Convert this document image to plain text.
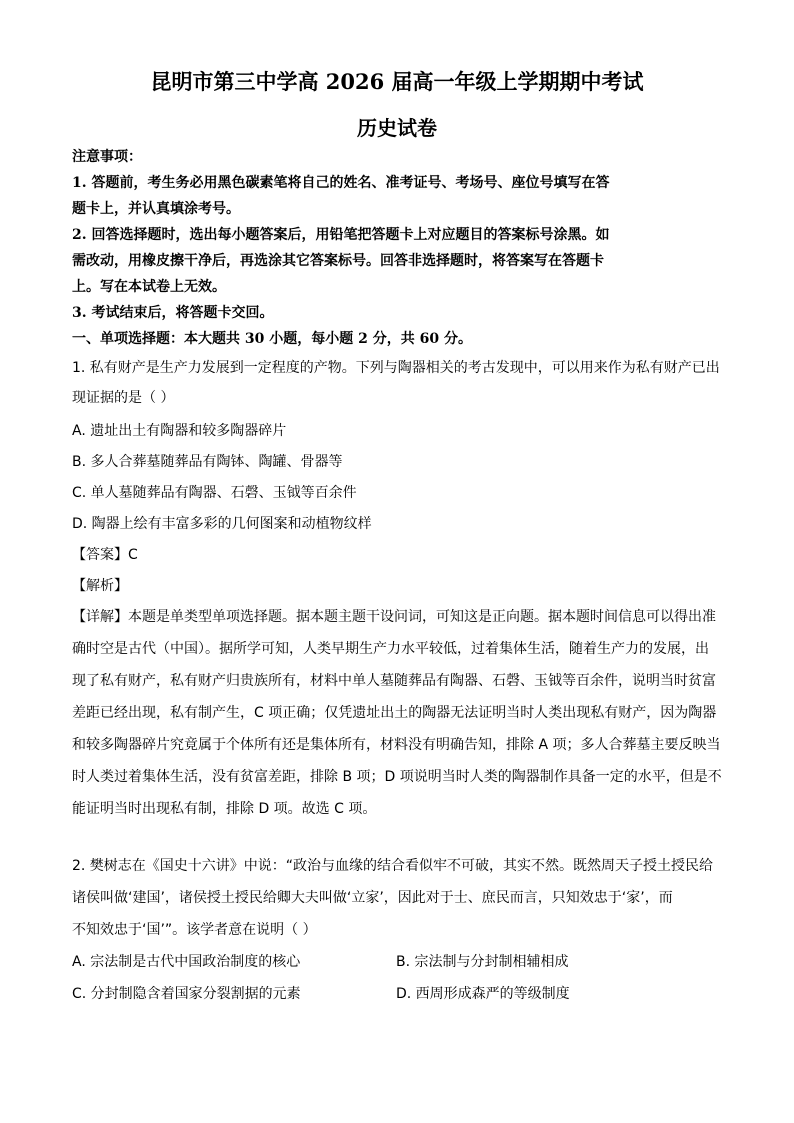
昆明市第三中学高 2026 届高一年级上学期期中考试
历史试卷
注意事项：
1. 答题前，考生务必用黑色碳素笔将自己的姓名、准考证号、考场号、座位号填写在答
题卡上，并认真填涂考号。
2. 回答选择题时，选出每小题答案后，用铅笔把答题卡上对应题目的答案标号涂黑。如
需改动，用橡皮擦干净后，再选涂其它答案标号。回答非选择题时，将答案写在答题卡
上。写在本试卷上无效。
3. 考试结束后，将答题卡交回。
一、单项选择题：本大题共 30 小题，每小题 2 分，共 60 分。
1. 私有财产是生产力发展到一定程度的产物。下列与陶器相关的考古发现中，可以用来作为私有财产已出
现证据的是（ ）
A. 遗址出土有陶器和较多陶器碎片
B. 多人合葬墓随葬品有陶钵、陶罐、骨器等
C. 单人墓随葬品有陶器、石磬、玉钺等百余件
D. 陶器上绘有丰富多彩的几何图案和动植物纹样
【答案】C
【解析】
【详解】本题是单类型单项选择题。据本题主题干设问词，可知这是正向题。据本题时间信息可以得出准
确时空是古代（中国）。据所学可知，人类早期生产力水平较低，过着集体生活，随着生产力的发展，出
现了私有财产，私有财产归贵族所有，材料中单人墓随葬品有陶器、石磬、玉钺等百余件，说明当时贫富
差距已经出现，私有制产生，C 项正确；仅凭遗址出土的陶器无法证明当时人类出现私有财产，因为陶器
和较多陶器碎片究竟属于个体所有还是集体所有，材料没有明确告知，排除 A 项；多人合葬墓主要反映当
时人类过着集体生活，没有贫富差距，排除 B 项；D 项说明当时人类的陶器制作具备一定的水平，但是不
能证明当时出现私有制，排除 D 项。故选 C 项。
2. 樊树志在《国史十六讲》中说：“政治与血缘的结合看似牢不可破，其实不然。既然周天子授土授民给
诸侯叫做‘建国’，诸侯授土授民给卿大夫叫做‘立家’，因此对于士、庶民而言，只知效忠于‘家’，而
不知效忠于‘国’”。该学者意在说明（ ）
A. 宗法制是古代中国政治制度的核心	B. 宗法制与分封制相辅相成
C. 分封制隐含着国家分裂割据的元素	D. 西周形成森严的等级制度
